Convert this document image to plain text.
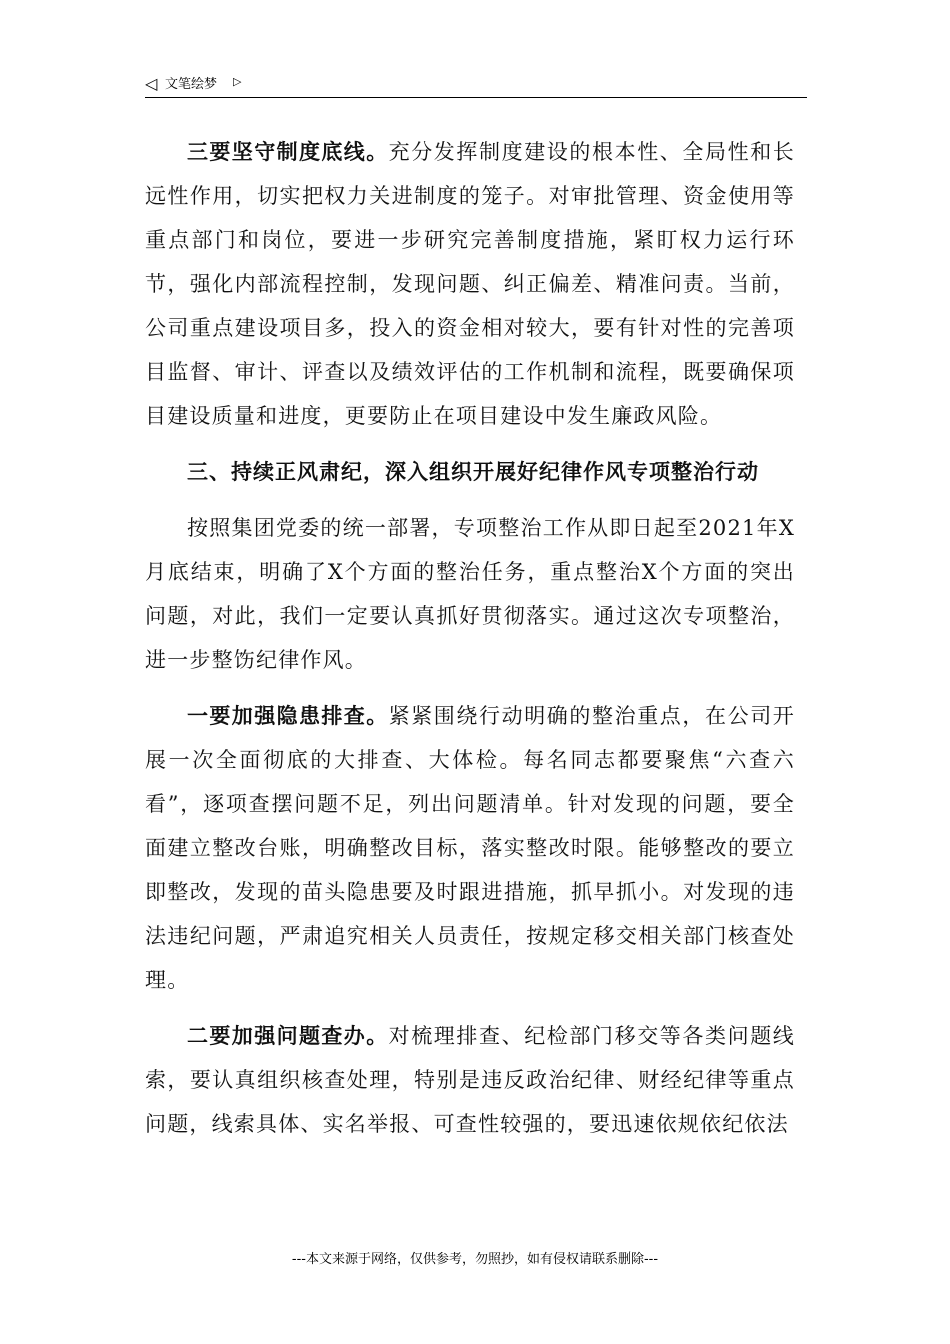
◁ 文笔绘梦 ▷

三要坚守制度底线。充分发挥制度建设的根本性、全局性和长远性作用，切实把权力关进制度的笼子。对审批管理、资金使用等重点部门和岗位，要进一步研究完善制度措施，紧盯权力运行环节，强化内部流程控制，发现问题、纠正偏差、精准问责。当前，公司重点建设项目多，投入的资金相对较大，要有针对性的完善项目监督、审计、评查以及绩效评估的工作机制和流程，既要确保项目建设质量和进度，更要防止在项目建设中发生廉政风险。

三、持续正风肃纪，深入组织开展好纪律作风专项整治行动

按照集团党委的统一部署，专项整治工作从即日起至2021年X月底结束，明确了X个方面的整治任务，重点整治X个方面的突出问题，对此，我们一定要认真抓好贯彻落实。通过这次专项整治，进一步整饬纪律作风。

一要加强隐患排查。紧紧围绕行动明确的整治重点，在公司开展一次全面彻底的大排查、大体检。每名同志都要聚焦“六查六看”，逐项查摆问题不足，列出问题清单。针对发现的问题，要全面建立整改台账，明确整改目标，落实整改时限。能够整改的要立即整改，发现的苗头隐患要及时跟进措施，抓早抓小。对发现的违法违纪问题，严肃追究相关人员责任，按规定移交相关部门核查处理。

二要加强问题查办。对梳理排查、纪检部门移交等各类问题线索，要认真组织核查处理，特别是违反政治纪律、财经纪律等重点问题，线索具体、实名举报、可查性较强的，要迅速依规依纪依法

---本文来源于网络，仅供参考，勿照抄，如有侵权请联系删除---
